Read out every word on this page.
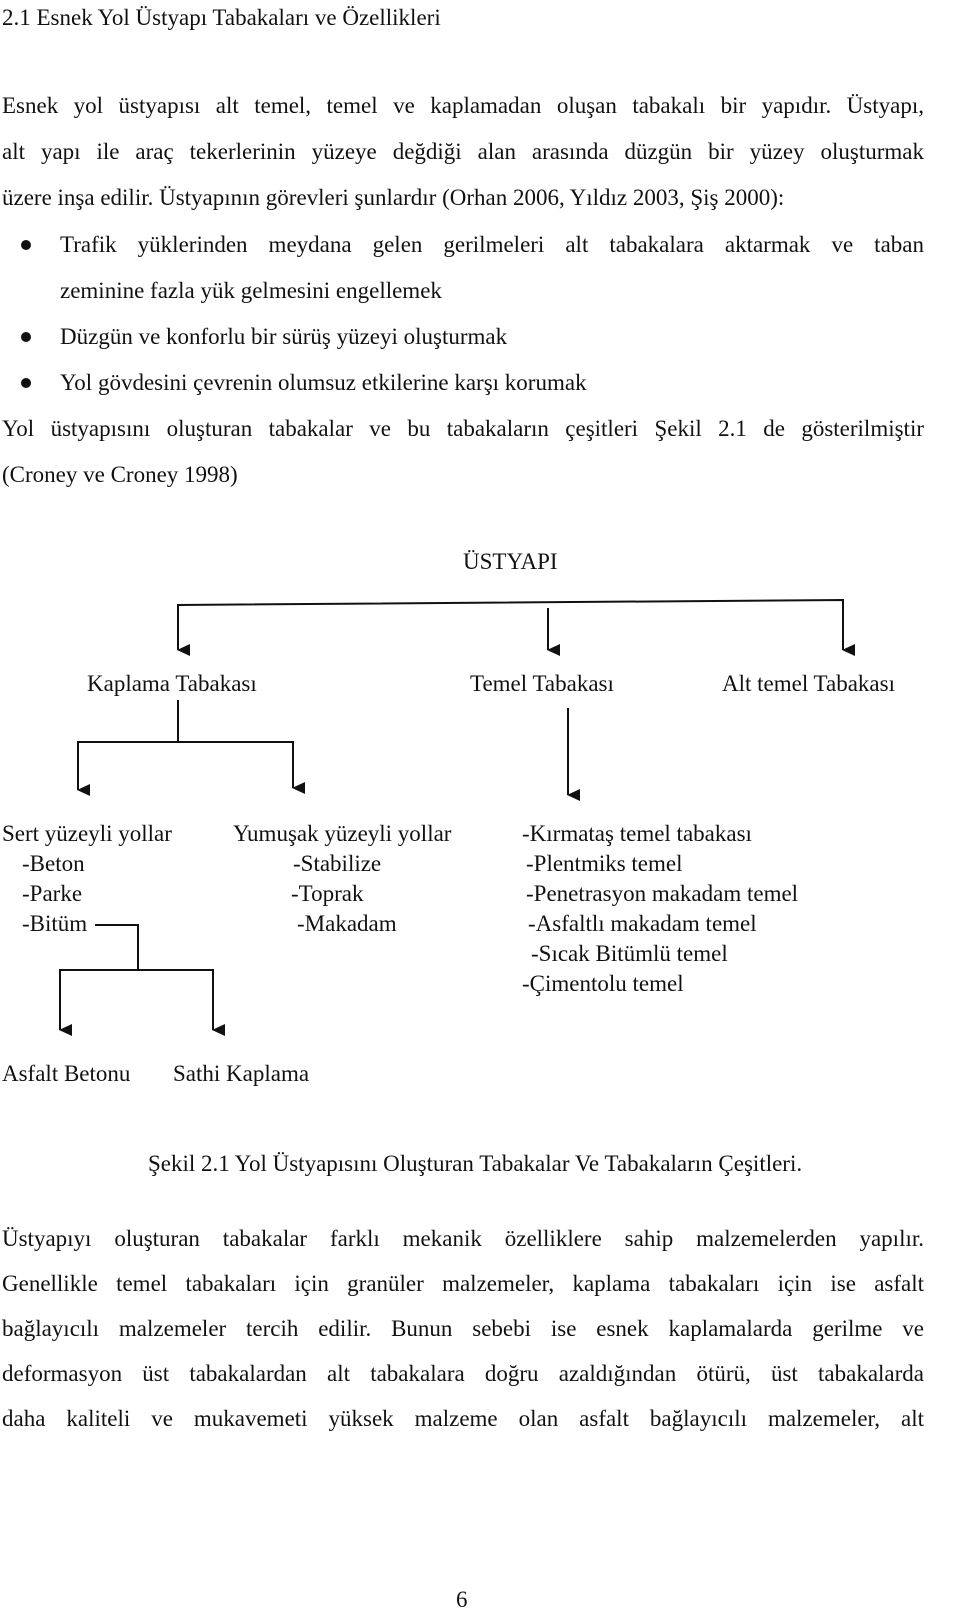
2.1 Esnek Yol Üstyapı Tabakaları ve Özellikleri
Esnek yol üstyapısı alt temel, temel ve kaplamadan oluşan tabakalı bir yapıdır. Üstyapı,
alt yapı ile araç tekerlerinin yüzeye değdiği alan arasında düzgün bir yüzey oluşturmak
üzere inşa edilir. Üstyapının görevleri şunlardır (Orhan 2006, Yıldız 2003, Şiş 2000):
Trafik yüklerinden meydana gelen gerilmeleri alt tabakalara aktarmak ve taban
zeminine fazla yük gelmesini engellemek
Düzgün ve konforlu bir sürüş yüzeyi oluşturmak
Yol gövdesini çevrenin olumsuz etkilerine karşı korumak
Yol üstyapısını oluşturan tabakalar ve bu tabakaların çeşitleri Şekil 2.1 de gösterilmiştir
(Croney ve Croney 1998)
ÜSTYAPI
Kaplama Tabakası	Temel Tabakası	Alt temel Tabakası
Sert yüzeyli yollar	Yumuşak yüzeyli yollar
-Beton
-Parke
-Bitüm
-Stabilize
-Toprak
-Makadam
-Kırmataş temel tabakası
-Plentmiks temel
-Penetrasyon makadam temel
-Asfaltlı makadam temel
-Sıcak Bitümlü temel
-Çimentolu temel
Asfalt Betonu Sathi Kaplama
Şekil 2.1 Yol Üstyapısını Oluşturan Tabakalar Ve Tabakaların Çeşitleri.
Üstyapıyı oluşturan tabakalar farklı mekanik özelliklere sahip malzemelerden yapılır.
Genellikle temel tabakaları için granüler malzemeler, kaplama tabakaları için ise asfalt
bağlayıcılı malzemeler tercih edilir. Bunun sebebi ise esnek kaplamalarda gerilme ve
deformasyon üst tabakalardan alt tabakalara doğru azaldığından ötürü, üst tabakalarda
daha kaliteli ve mukavemeti yüksek malzeme olan asfalt bağlayıcılı malzemeler, alt
6
